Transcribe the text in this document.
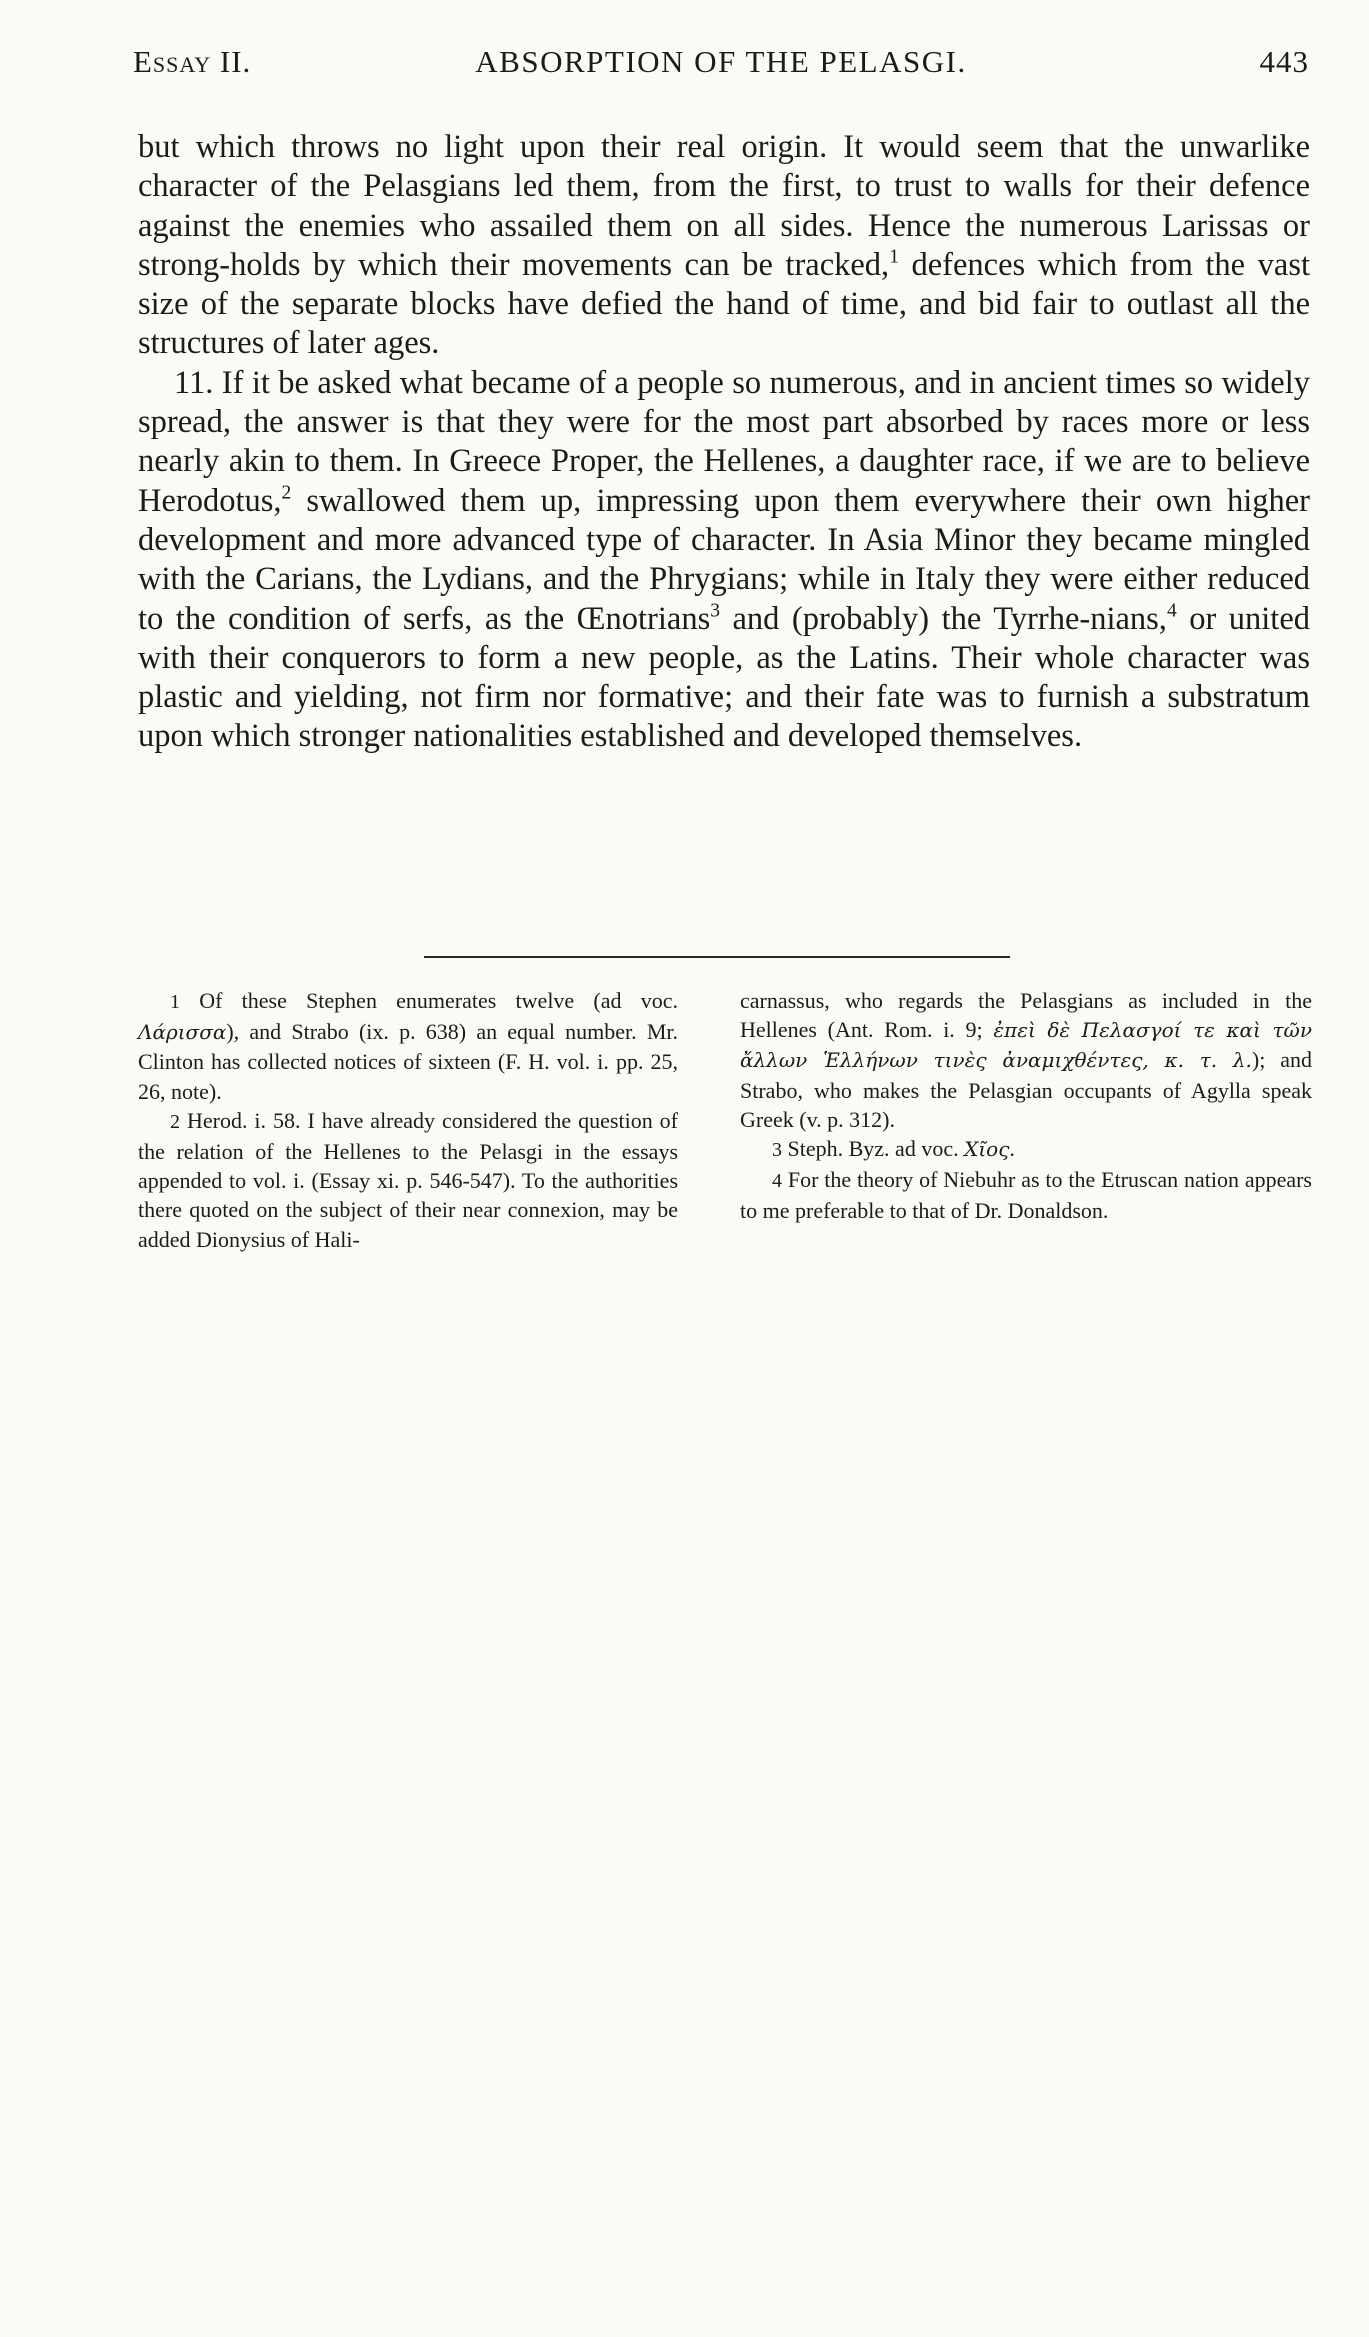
Essay II.	ABSORPTION OF THE PELASGI.	443

but which throws no light upon their real origin. It would seem that the unwarlike character of the Pelasgians led them, from the first, to trust to walls for their defence against the enemies who assailed them on all sides. Hence the numerous Larissas or strong-holds by which their movements can be tracked,$^1$ defences which from the vast size of the separate blocks have defied the hand of time, and bid fair to outlast all the structures of later ages.

11. If it be asked what became of a people so numerous, and in ancient times so widely spread, the answer is that they were for the most part absorbed by races more or less nearly akin to them. In Greece Proper, the Hellenes, a daughter race, if we are to believe Herodotus,$^2$ swallowed them up, impressing upon them everywhere their own higher development and more advanced type of character. In Asia Minor they became mingled with the Carians, the Lydians, and the Phrygians; while in Italy they were either reduced to the condition of serfs, as the Œnotrians$^3$ and (probably) the Tyrrhe-nians,$^4$ or united with their conquerors to form a new people, as the Latins. Their whole character was plastic and yielding, not firm nor formative; and their fate was to furnish a substratum upon which stronger nationalities established and developed themselves.

1 Of these Stephen enumerates twelve (ad voc. Λάρισσα), and Strabo (ix. p. 638) an equal number. Mr. Clinton has collected notices of sixteen (F. H. vol. i. pp. 25, 26, note).

2 Herod. i. 58. I have already considered the question of the relation of the Hellenes to the Pelasgi in the essays appended to vol. i. (Essay xi. p. 546-547). To the authorities there quoted on the subject of their near connexion, may be added Dionysius of Hali-

carnassus, who regards the Pelasgians as included in the Hellenes (Ant. Rom. i. 9; ἐπεὶ δὲ Πελασγοί τε καὶ τῶν ἄλλων Ἑλλήνων τινὲς ἀναμιχθέντες, κ. τ. λ.); and Strabo, who makes the Pelasgian occupants of Agylla speak Greek (v. p. 312).

3 Steph. Byz. ad voc. Χῖος.

4 For the theory of Niebuhr as to the Etruscan nation appears to me preferable to that of Dr. Donaldson.
